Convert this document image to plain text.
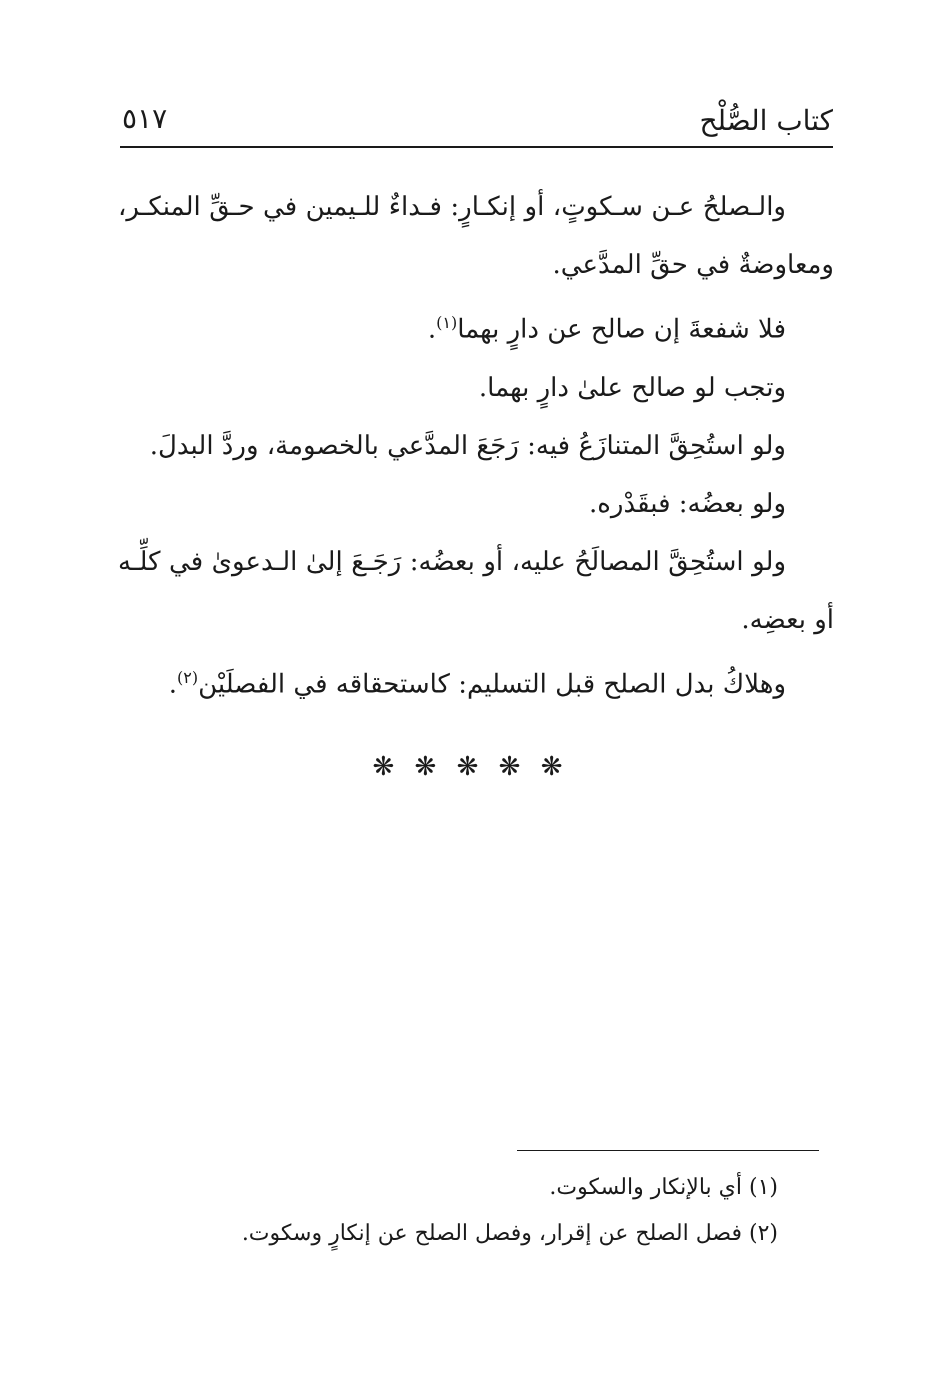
كتاب الصُّلْح
٥١٧

والـصلحُ عـن سـكوتٍ، أو إنكـارٍ: فـداءٌ للـيمين في حـقِّ المنكـر، ومعاوضةٌ في حقِّ المدَّعي.

فلا شفعةَ إن صالح عن دارٍ بهما$^{(١)}$.

وتجب لو صالح علىٰ دارٍ بهما.

ولو استُحِقَّ المتنازَعُ فيه: رَجَعَ المدَّعي بالخصومة، وردَّ البدلَ.

ولو بعضُه: فبقَدْره.

ولو استُحِقَّ المصالَحُ عليه، أو بعضُه: رَجَـعَ إلىٰ الـدعوىٰ في كلِّـه أو بعضِه.

وهلاكُ بدل الصلح قبل التسليم: كاستحقاقه في الفصلَيْن$^{(٢)}$.

❋ ❋ ❋ ❋ ❋

(١) أي بالإنكار والسكوت.

(٢) فصل الصلح عن إقرار، وفصل الصلح عن إنكارٍ وسكوت.
